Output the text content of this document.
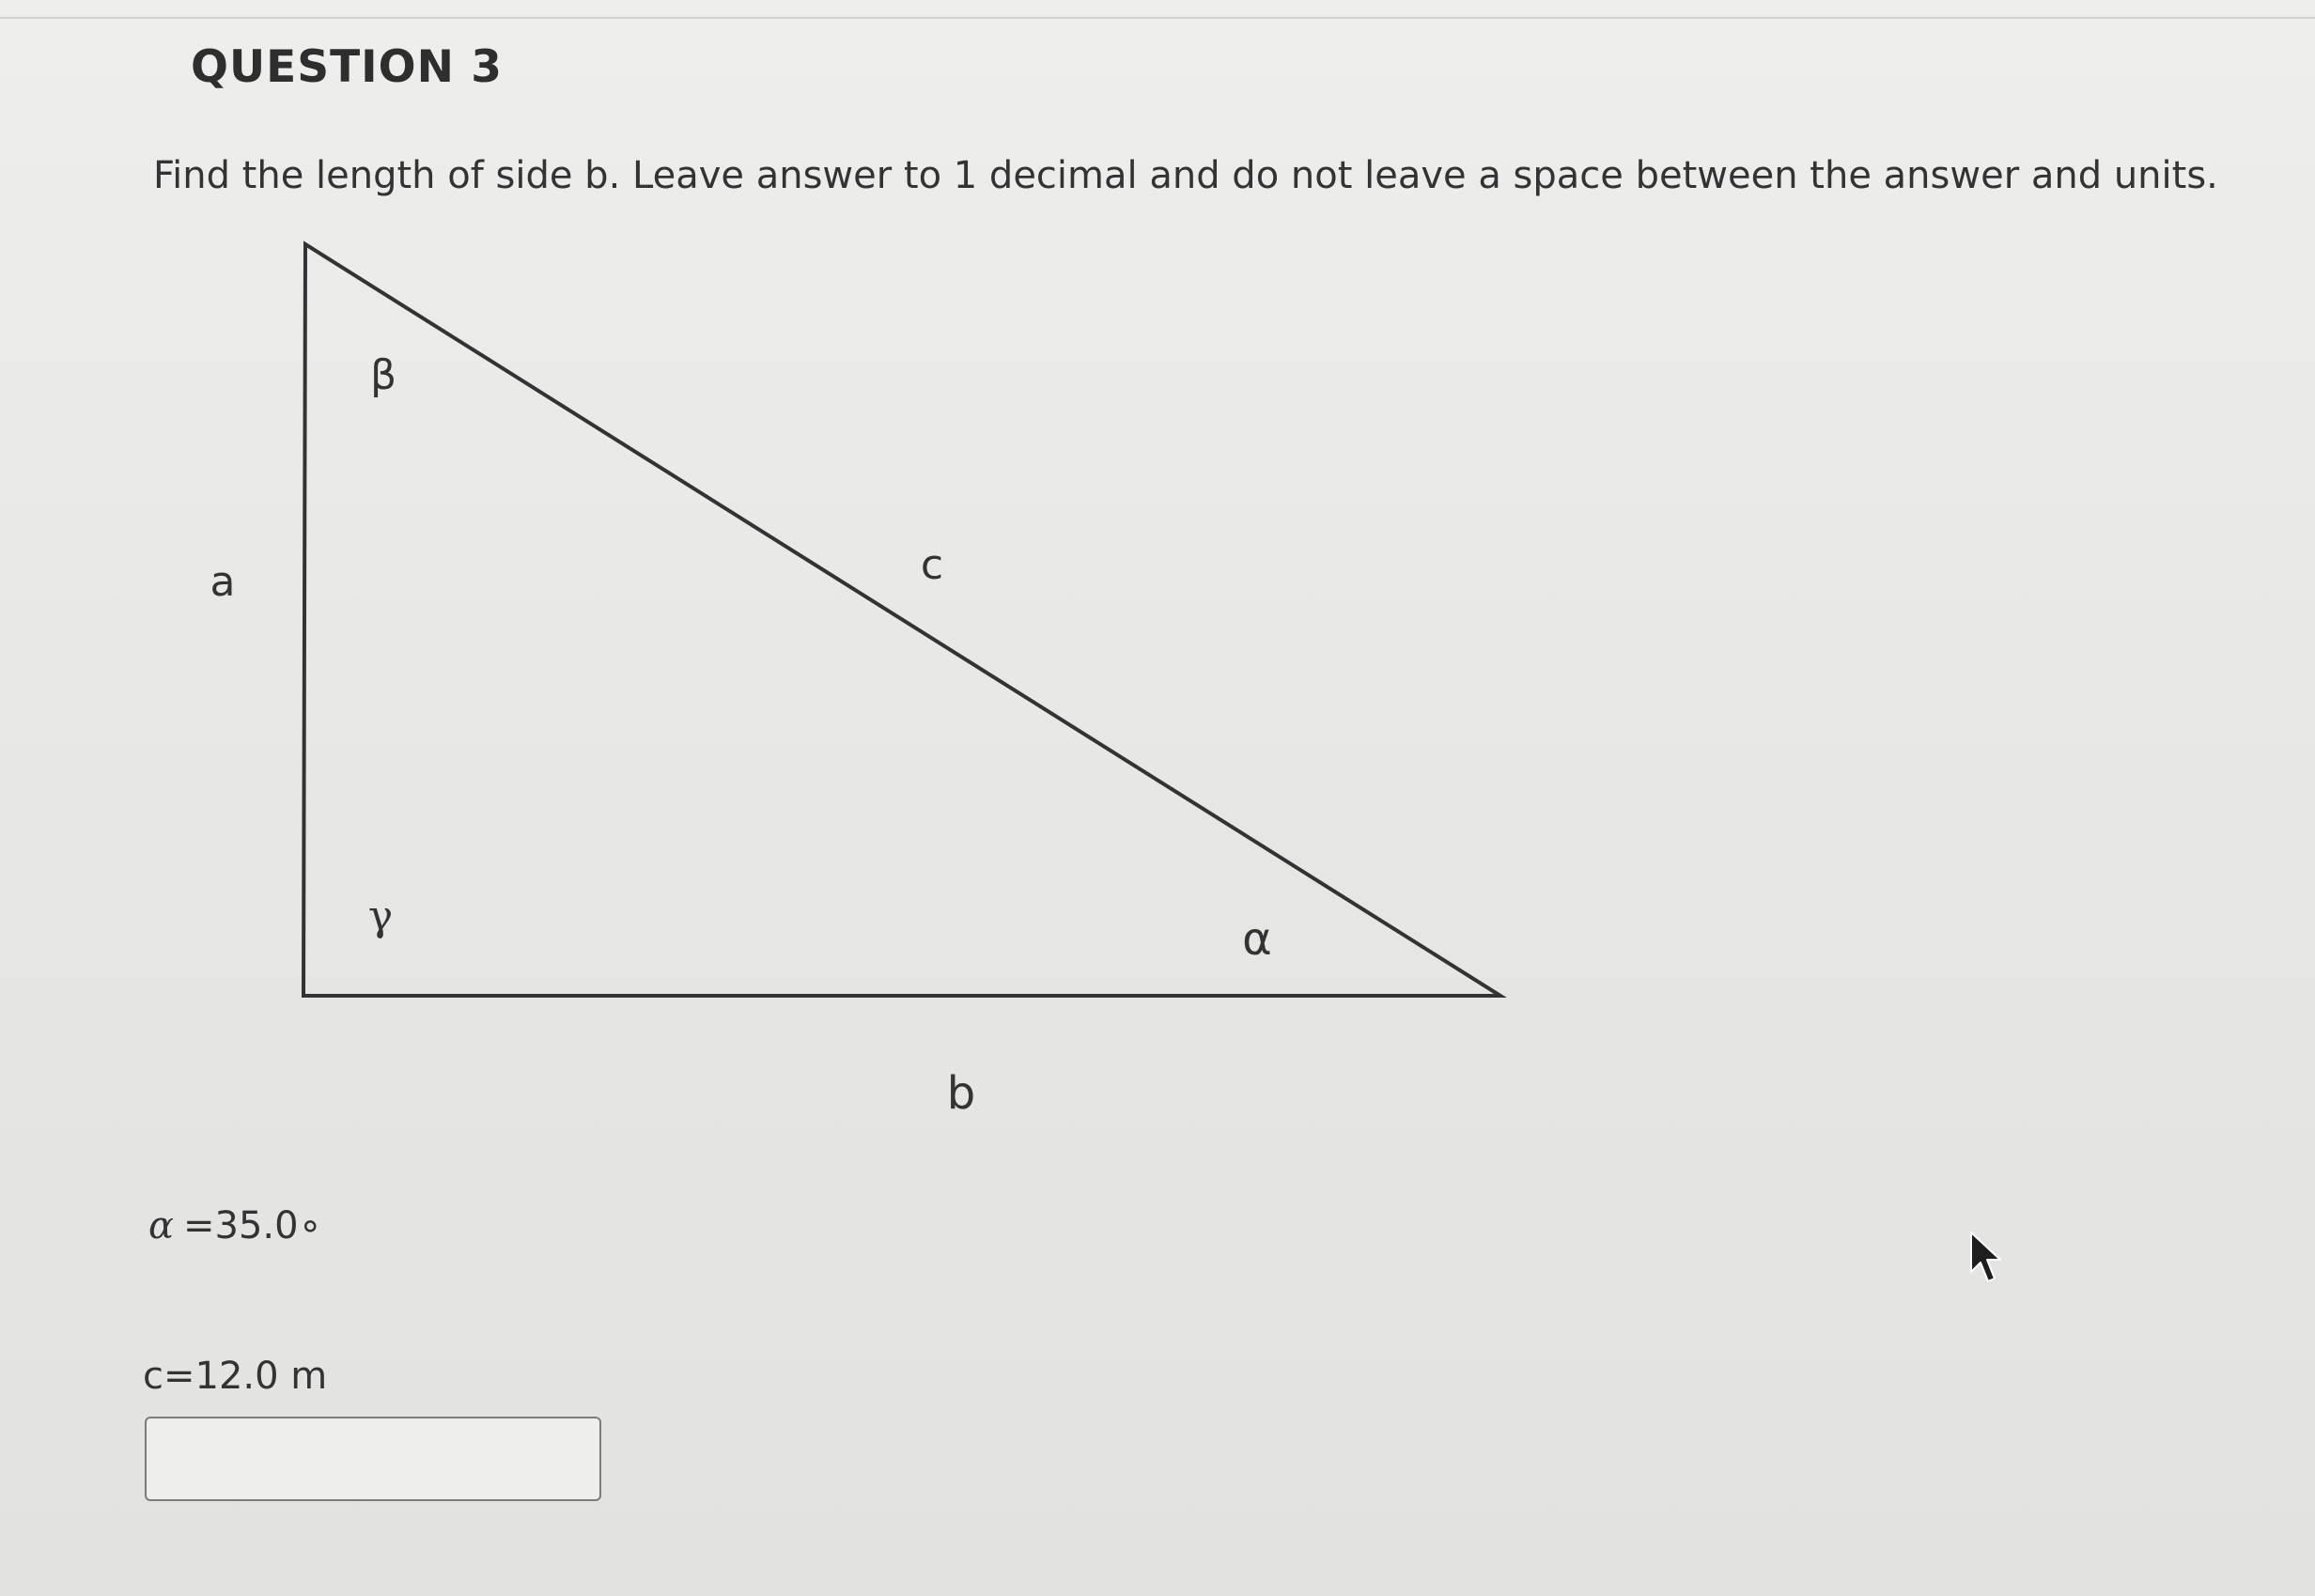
QUESTION 3
Find the length of side b. Leave answer to 1 decimal and do not leave a space between the answer and units.
a	c
b
β
γ	α
α =35.0∘
c=12.0 m
